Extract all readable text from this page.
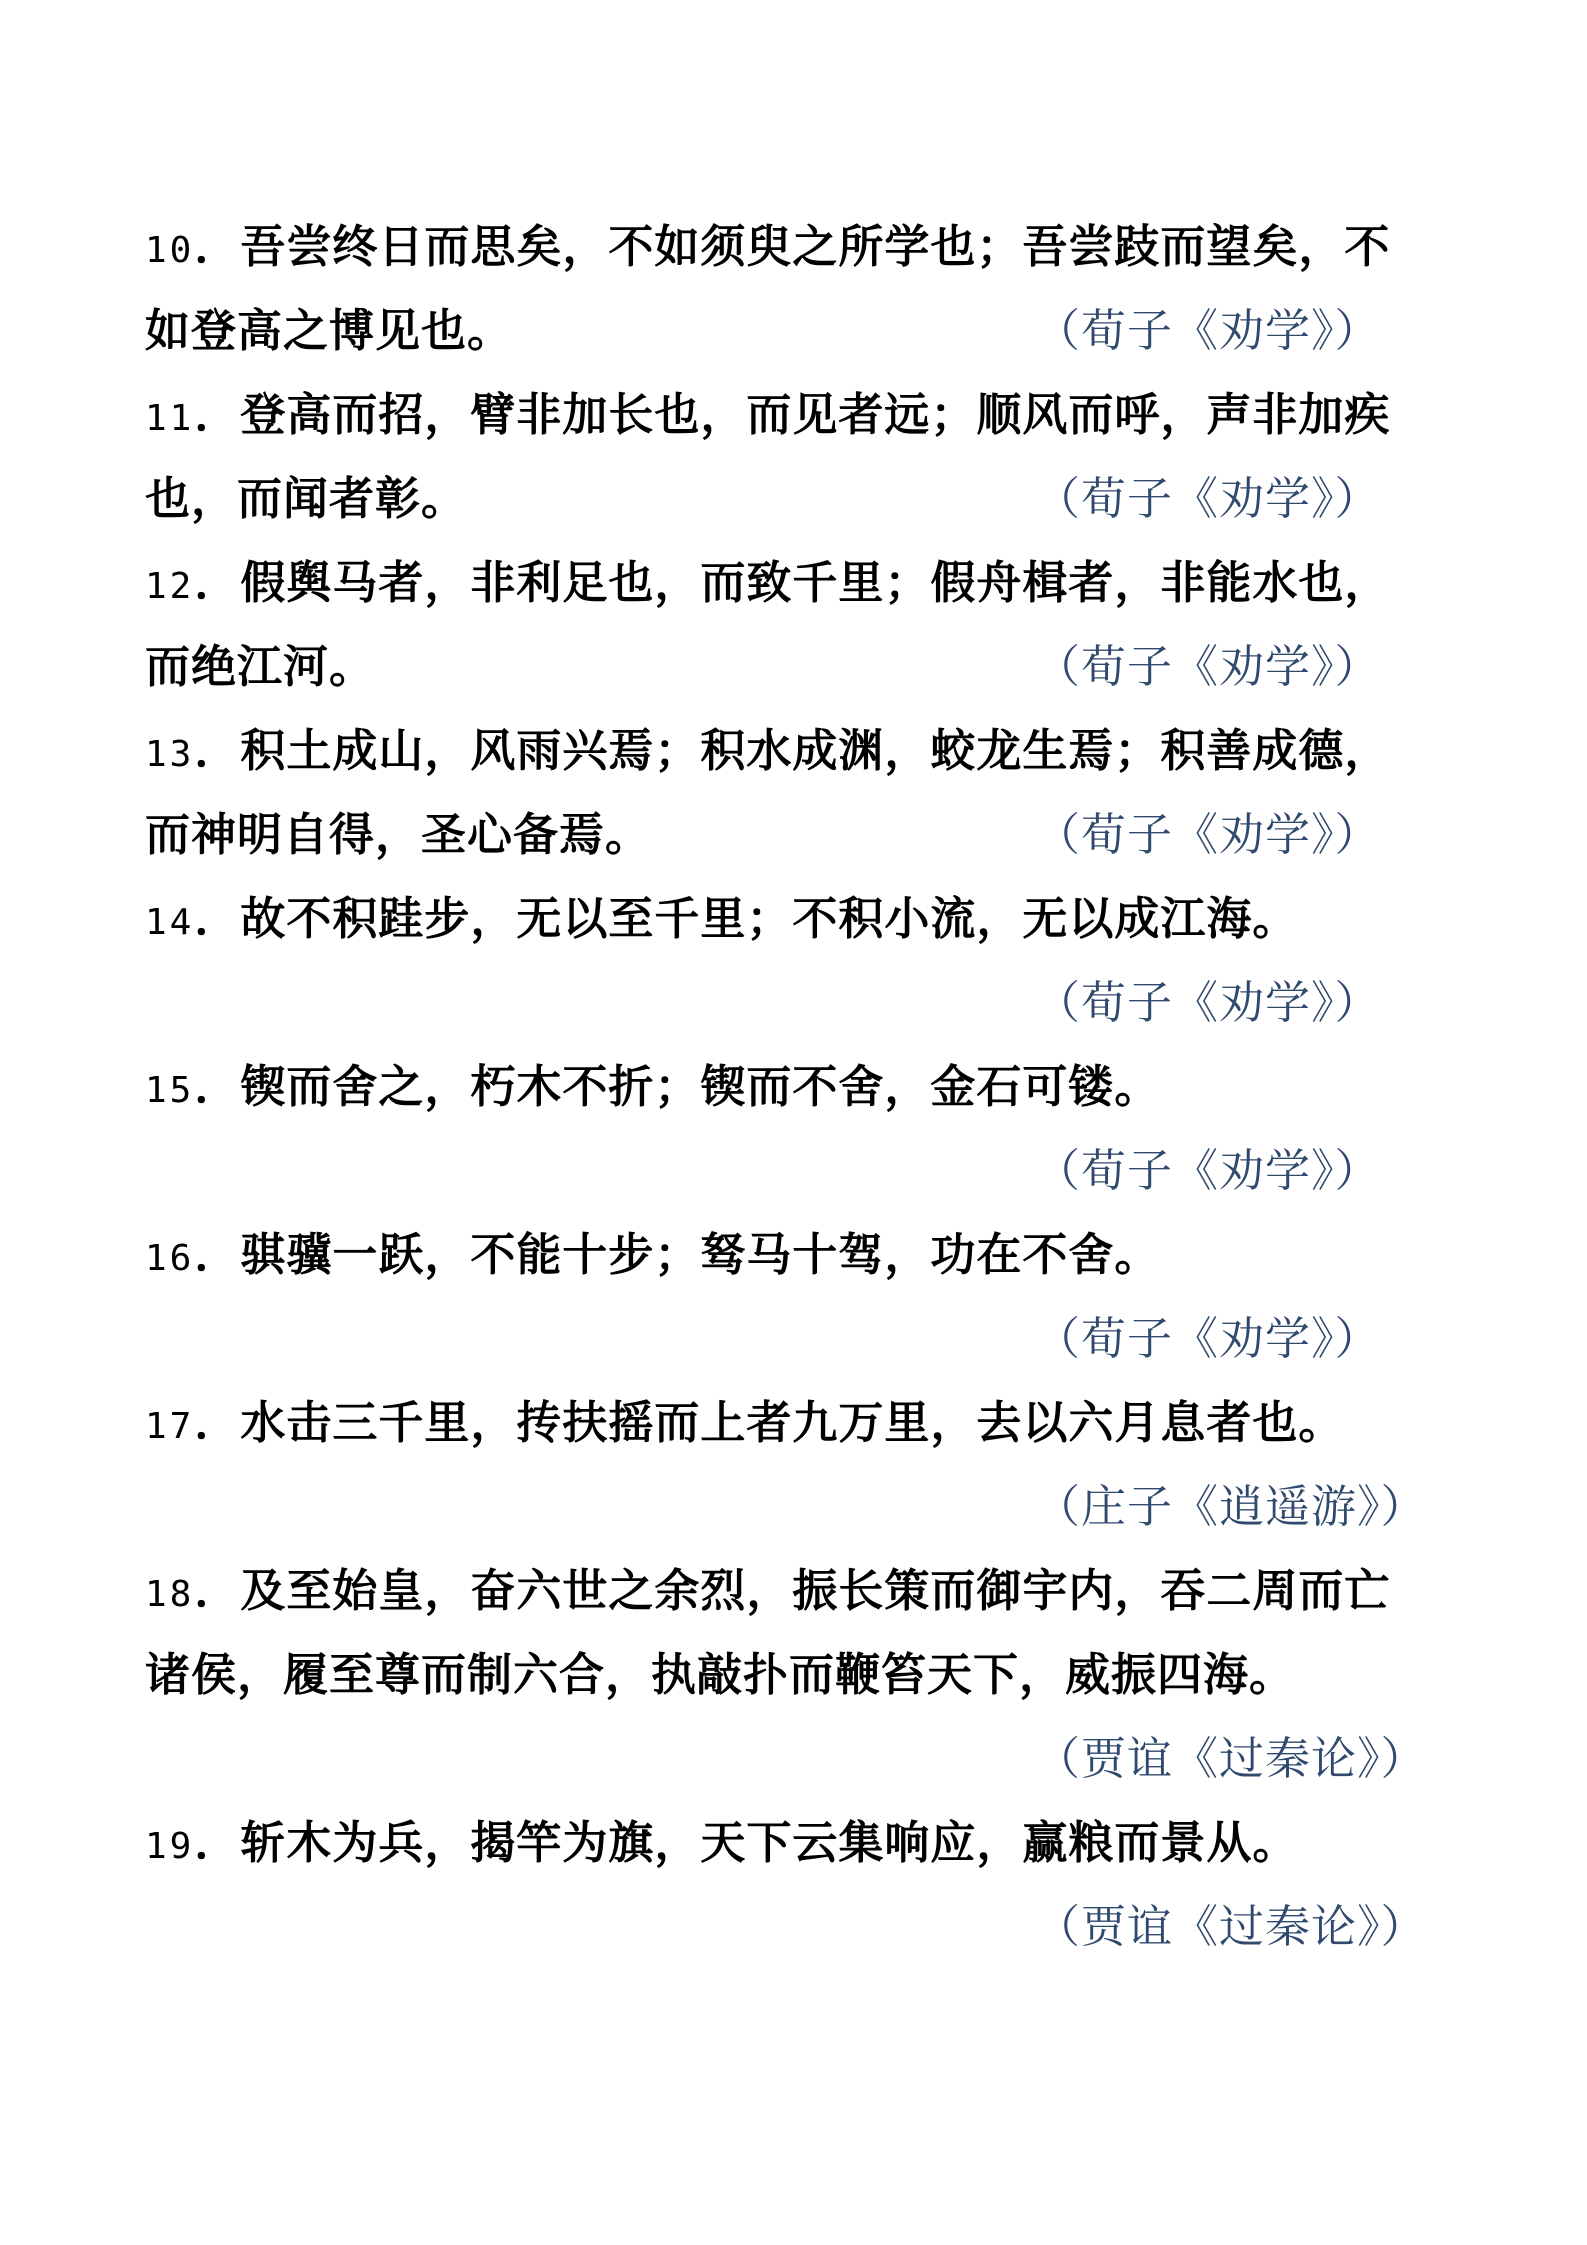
10．吾尝终日而思矣，不如须臾之所学也；吾尝跂而望矣，不
如登高之博见也。	（荀子《劝学》）
11．登高而招，臂非加长也，而见者远；顺风而呼，声非加疾
也，而闻者彰。	（荀子《劝学》）
12．假舆马者，非利足也，而致千里；假舟楫者，非能水也，
而绝江河。	（荀子《劝学》）
13．积土成山，风雨兴焉；积水成渊，蛟龙生焉；积善成德，
而神明自得，圣心备焉。	（荀子《劝学》）
14．故不积跬步，无以至千里；不积小流，无以成江海。
（荀子《劝学》）
15．锲而舍之，朽木不折；锲而不舍，金石可镂。
（荀子《劝学》）
16．骐骥一跃，不能十步；驽马十驾，功在不舍。
（荀子《劝学》）
17．水击三千里，抟扶摇而上者九万里，去以六月息者也。
（庄子《逍遥游》）
18．及至始皇，奋六世之余烈，振长策而御宇内，吞二周而亡
诸侯，履至尊而制六合，执敲扑而鞭笞天下，威振四海。
（贾谊《过秦论》）
19．斩木为兵，揭竿为旗，天下云集响应，赢粮而景从。
（贾谊《过秦论》）
